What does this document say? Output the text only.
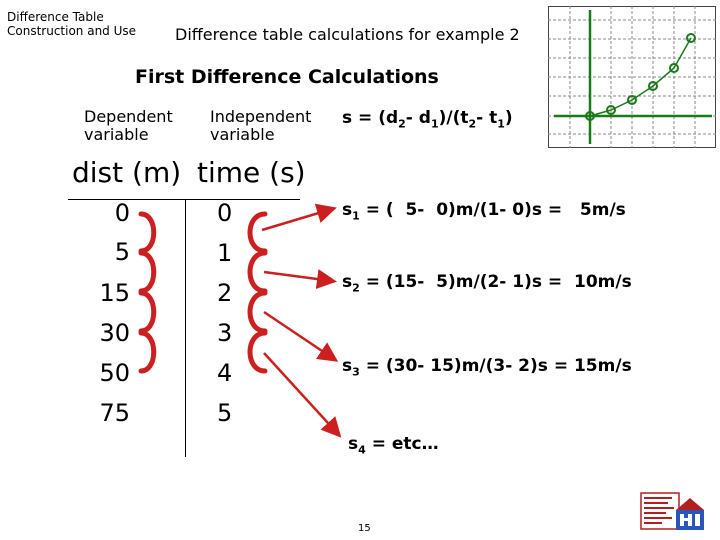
Difference Table
Construction and Use Difference table calculations for example 2
First Difference Calculations
Dependent
variable
Independent
variable
$s = (d_2-$ $d_1)/(t_2-$ $t_1$)
dist (m) time (s)
0
5
15
30
50
75
0
1
2
3
4
5
$s_1$ = (  5-  0)m/(1- 0)s =   5m/s
$s_2 = (15-$  5)m/(2- 1)s =  10m/s
$s_3 = (30-$ 15)m/(3- 2)s = 15m/s
$s_4$ = etc…
15
